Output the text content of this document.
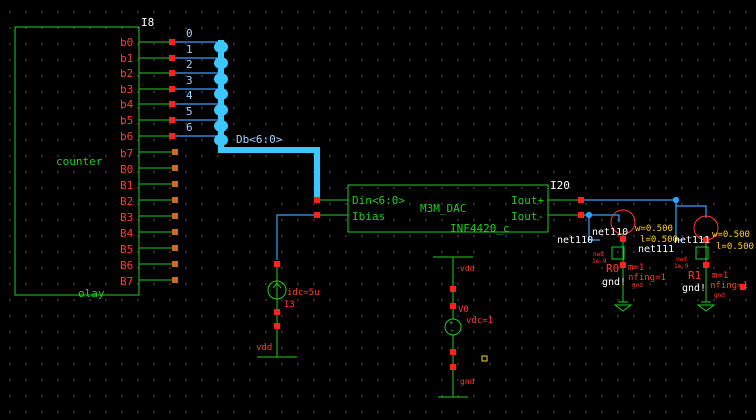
I8
counter
olay
b0
b1
b2
b3
b4
b5
b6
b7
B0
B1
B2
B3
B4
B5
B6
B7
0
1
2
3
4
5
6
Db<6:0>
I20
M3M_DAC
INF4420_c
Din<6:0>
Ibias
Iout+
Iout-
idc=5u
I3
vdd
+
−
vdd
V0
vdc=1
gnd
net110
net110
w=0.500
l=0.500
nwd
1e-9
R0 m=1
nfing=1
gnd! gnd
net111
net111
w=0.500
l=0.500
nwd
1e-9
R1 m=1
nfing=1
gnd!
gnd
